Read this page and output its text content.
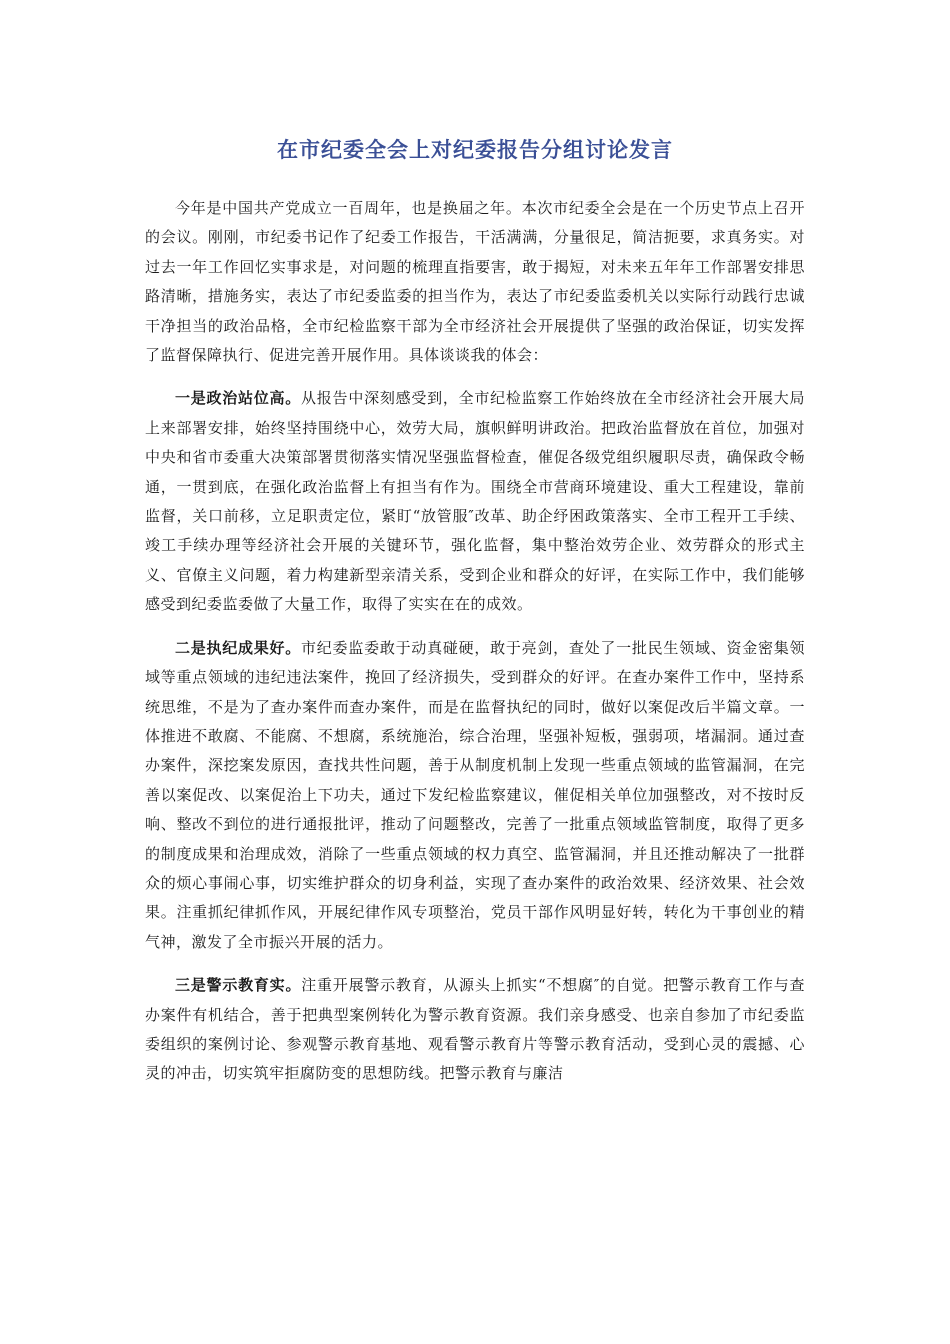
在市纪委全会上对纪委报告分组讨论发言

今年是中国共产党成立一百周年，也是换届之年。本次市纪委全会是在一个历史节点上召开的会议。刚刚，市纪委书记作了纪委工作报告，干活满满，分量很足，简洁扼要，求真务实。对过去一年工作回忆实事求是，对问题的梳理直指要害，敢于揭短，对未来五年年工作部署安排思路清晰，措施务实，表达了市纪委监委的担当作为，表达了市纪委监委机关以实际行动践行忠诚干净担当的政治品格，全市纪检监察干部为全市经济社会开展提供了坚强的政治保证，切实发挥了监督保障执行、促进完善开展作用。具体谈谈我的体会：

一是政治站位高。从报告中深刻感受到，全市纪检监察工作始终放在全市经济社会开展大局上来部署安排，始终坚持围绕中心，效劳大局，旗帜鲜明讲政治。把政治监督放在首位，加强对中央和省市委重大决策部署贯彻落实情况坚强监督检查，催促各级党组织履职尽责，确保政令畅通，一贯到底，在强化政治监督上有担当有作为。围绕全市营商环境建设、重大工程建设，靠前监督，关口前移，立足职责定位，紧盯“放管服″改革、助企纾困政策落实、全市工程开工手续、竣工手续办理等经济社会开展的关键环节，强化监督，集中整治效劳企业、效劳群众的形式主义、官僚主义问题，着力构建新型亲清关系，受到企业和群众的好评，在实际工作中，我们能够感受到纪委监委做了大量工作，取得了实实在在的成效。

二是执纪成果好。市纪委监委敢于动真碰硬，敢于亮剑，查处了一批民生领域、资金密集领域等重点领域的违纪违法案件，挽回了经济损失，受到群众的好评。在查办案件工作中，坚持系统思维，不是为了查办案件而查办案件，而是在监督执纪的同时，做好以案促改后半篇文章。一体推进不敢腐、不能腐、不想腐，系统施治，综合治理，坚强补短板，强弱项，堵漏洞。通过查办案件，深挖案发原因，查找共性问题，善于从制度机制上发现一些重点领域的监管漏洞，在完善以案促改、以案促治上下功夫，通过下发纪检监察建议，催促相关单位加强整改，对不按时反响、整改不到位的进行通报批评，推动了问题整改，完善了一批重点领域监管制度，取得了更多的制度成果和治理成效，消除了一些重点领域的权力真空、监管漏洞，并且还推动解决了一批群众的烦心事闹心事，切实维护群众的切身利益，实现了查办案件的政治效果、经济效果、社会效果。注重抓纪律抓作风，开展纪律作风专项整治，党员干部作风明显好转，转化为干事创业的精气神，激发了全市振兴开展的活力。

三是警示教育实。注重开展警示教育，从源头上抓实“不想腐″的自觉。把警示教育工作与查办案件有机结合，善于把典型案例转化为警示教育资源。我们亲身感受、也亲自参加了市纪委监委组织的案例讨论、参观警示教育基地、观看警示教育片等警示教育活动，受到心灵的震撼、心灵的冲击，切实筑牢拒腐防变的思想防线。把警示教育与廉洁
